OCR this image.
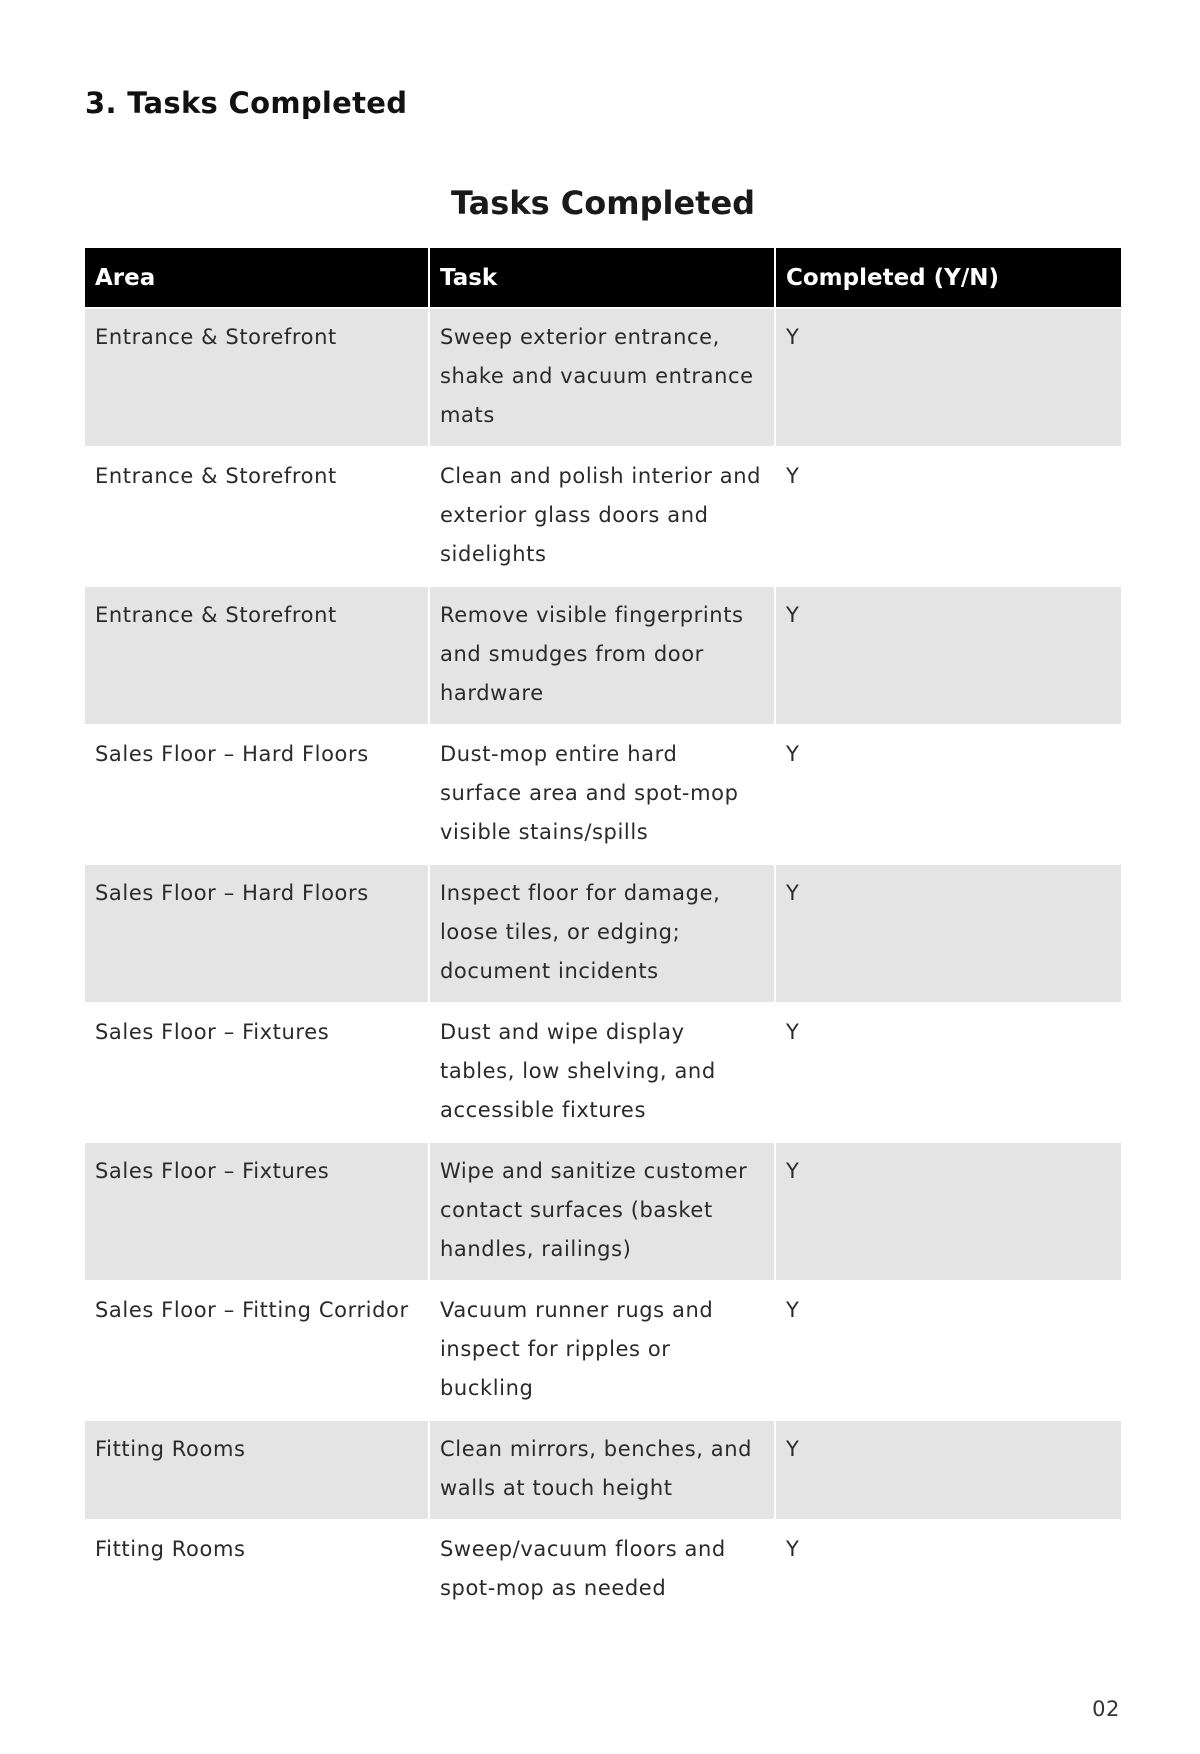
3. Tasks Completed
Tasks Completed
Area	Task	Completed (Y/N)
Entrance & Storefront	Sweep exterior entrance, shake and vacuum entrance mats	Y
Entrance & Storefront	Clean and polish interior and exterior glass doors and sidelights	Y
Entrance & Storefront	Remove visible fingerprints and smudges from door hardware	Y
Sales Floor – Hard Floors	Dust-mop entire hard surface area and spot-mop visible stains/spills	Y
Sales Floor – Hard Floors	Inspect floor for damage, loose tiles, or edging; document incidents	Y
Sales Floor – Fixtures	Dust and wipe display tables, low shelving, and accessible fixtures	Y
Sales Floor – Fixtures	Wipe and sanitize customer contact surfaces (basket handles, railings)	Y
Sales Floor – Fitting Corridor	Vacuum runner rugs and inspect for ripples or buckling	Y
Fitting Rooms	Clean mirrors, benches, and walls at touch height	Y
Fitting Rooms	Sweep/vacuum floors and spot-mop as needed	Y
02
